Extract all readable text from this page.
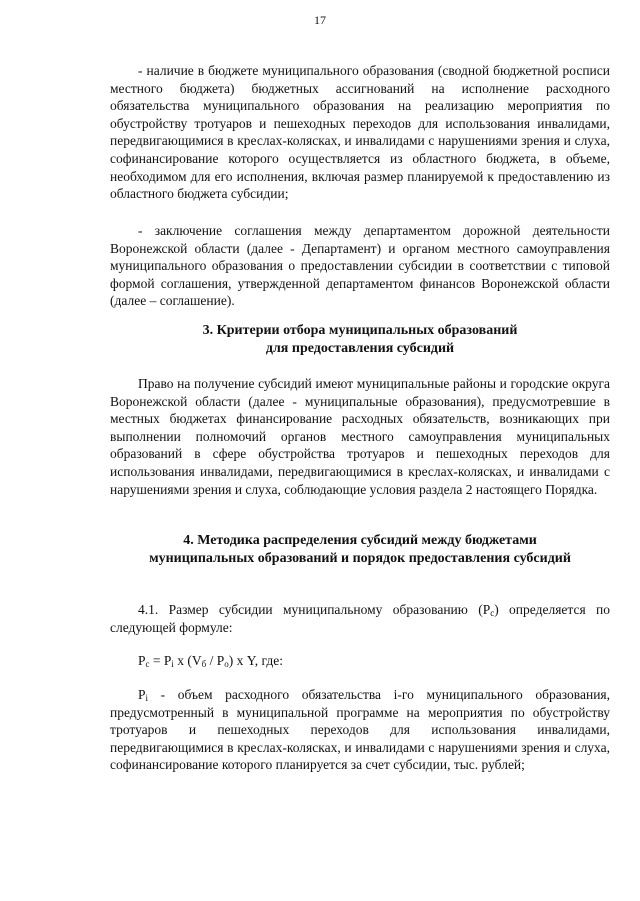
17

- наличие в бюджете муниципального образования (сводной бюджетной росписи местного бюджета) бюджетных ассигнований на исполнение расходного обязательства муниципального образования на реализацию мероприятия по обустройству тротуаров и пешеходных переходов для использования инвалидами, передвигающимися в креслах-колясках, и инвалидами с нарушениями зрения и слуха, софинансирование которого осуществляется из областного бюджета, в объеме, необходимом для его исполнения, включая размер планируемой к предоставлению из областного бюджета субсидии;

- заключение соглашения между департаментом дорожной деятельности Воронежской области (далее - Департамент) и органом местного самоуправления муниципального образования о предоставлении субсидии в соответствии с типовой формой соглашения, утвержденной департаментом финансов Воронежской области (далее – соглашение).

3. Критерии отбора муниципальных образований
для предоставления субсидий

Право на получение субсидий имеют муниципальные районы и городские округа Воронежской области (далее - муниципальные образования), предусмотревшие в местных бюджетах финансирование расходных обязательств, возникающих при выполнении полномочий органов местного самоуправления муниципальных образований в сфере обустройства тротуаров и пешеходных переходов для использования инвалидами, передвигающимися в креслах-колясках, и инвалидами с нарушениями зрения и слуха, соблюдающие условия раздела 2 настоящего Порядка.

4. Методика распределения субсидий между бюджетами
муниципальных образований и порядок предоставления субсидий

4.1. Размер субсидии муниципальному образованию $(Р_с)$ определяется по следующей формуле:

$Р_с = Р_i$ х $(V_б / Р_о)$ х Y, где:

$Р_i$ - объем расходного обязательства i-го муниципального образования, предусмотренный в муниципальной программе на мероприятия по обустройству тротуаров и пешеходных переходов для использования инвалидами, передвигающимися в креслах-колясках, и инвалидами с нарушениями зрения и слуха, софинансирование которого планируется за счет субсидии, тыс. рублей;
